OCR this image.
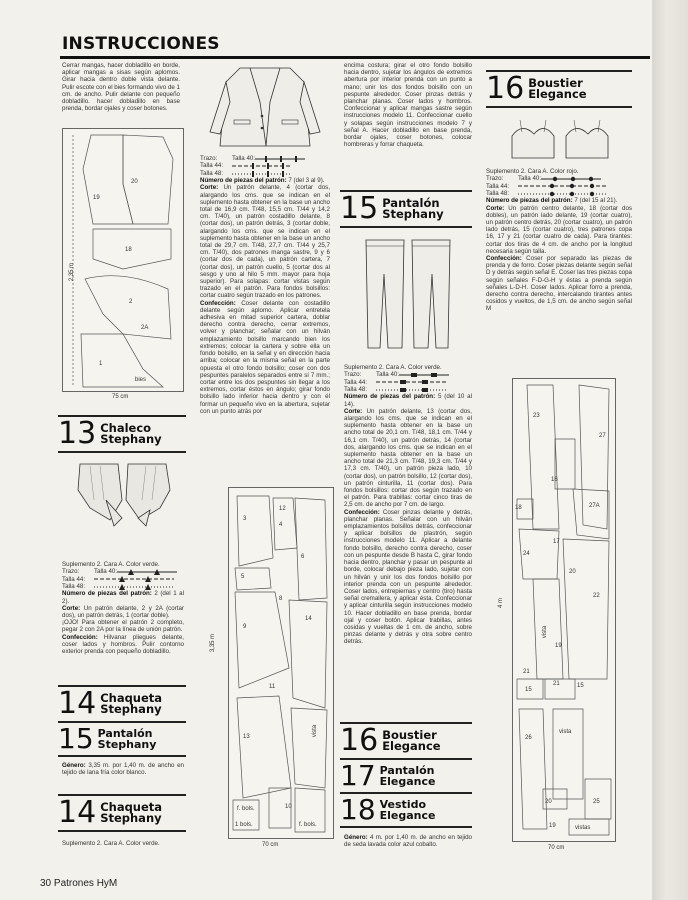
INSTRUCCIONES
Cerrar mangas, hacer dobladillo en borde, aplicar mangas a sisas según aplomos. Girar hacia dentro doble vista delante. Pulir escote con el bies formando vivo de 1 cm. de ancho. Pulir delante con pequeño dobladillo. hacer dobladillo en base prenda, bordar ojales y coser botones.
19
20
18
2
2A
1
bies
2,35 m
75 cm
13 Chaleco
Stephany
Suplemento 2. Cara A. Color verde.
Trazo:	Talla 40:
Talla 44:
Talla 48:
Número de piezas del patrón: 2 (del 1 al 2).
Corte: Un patrón delante, 2 y 2A (cortar dos), un patrón detrás, 1 (cortar doble).
¡OJO! Para obtener el patrón 2 completo, pegar 2 con 2A por la línea de unión patrón.
Confección: Hilvanar pliegues delante, coser lados y hombros. Pulir contorno exterior prenda con pequeño dobladillo.
14 Chaqueta
Stephany
15 Pantalón
Stephany
Género: 3,35 m. por 1,40 m. de ancho en tejido de lana fría color blanco.
14 Chaqueta
Stephany
Suplemento 2. Cara A. Color verde.
Trazo:	Talla 40:
Talla 44:
Talla 48:
Número de piezas del patrón: 7 (del 3 al 9).
Corte: Un patrón delante, 4 (cortar dos, alargando los cms. que se indican en el suplemento hasta obtener en la base un ancho total de 16,9 cm. T/48, 15,5 cm. T/44 y 14,2 cm. T/40), un patrón costadillo delante, 8 (cortar dos), un patrón detrás, 3 (cortar doble, alargando los cms. que se indican en el suplemento hasta obtener en la base un ancho total de 29,7 cm. T/48, 27,7 cm. T/44 y 25,7 cm. T/40), dos patrones manga sastre, 9 y 6 (cortar dos de cada), un patrón cartera, 7 (cortar dos), un patrón cuello, 5 (cortar dos al sesgo y uno al hilo 5 mm. mayor para hoja superior). Para solapas: cortar vistas según trazado en el patrón. Para fondos bolsillos: cortar cuatro según trazado en los patrones.
Confección: Coser delante con costadillo delante según aplomo. Aplicar entretela adhesiva en mitad superior cartera, doblar derecho contra derecho, cerrar extremos, volver y planchar; señalar con un hilván emplazamiento bolsillo marcando bien los extremos; colocar la cartera y sobre ella un fondo bolsillo, en la señal y en dirección hacia arriba; colocar en la misma señal en la parte opuesta el otro fondo bolsillo; coser con dos pespuntes paralelos separados entre sí 7 mm.; cortar entre los dos pespuntes sin llegar a los extremos, cortar éstos en ángulo; girar fondo bolsillo lado inferior hacia dentro y con él formar un pequeño vivo en la abertura, sujetar con un punto atrás por
3
12
4
6
5
8
9
14
11
13
10
vista
f. bols.
1 bols.	f. bols.
3,35 m
70 cm
encima costura; girar el otro fondo bolsillo hacia dentro, sujetar los ángulos de extremos abertura por interior prenda con un punto a mano; unir los dos fondos bolsillo con un pespunte alrededor. Coser pinzas detrás y planchar planas. Coser lados y hombros. Confeccionar y aplicar mangas sastre según instrucciones modelo 11. Confeccionar cuello y solapas según instrucciones modelo 7 y señal A. Hacer dobladillo en base prenda, bordar ojales, coser botones, colocar hombreras y forrar chaqueta.
15 Pantalón
Stephany
Suplemento 2. Cara A. Color verde.
Trazo:	Talla 40:
Talla 44:
Talla 48:
Número de piezas del patrón: 5 (del 10 al 14).
Corte: Un patrón delante, 13 (cortar dos, alargando los cms. que se indican en el suplemento hasta obtener en la base un ancho total de 20,1 cm. T/48, 18,1 cm. T/44 y 16,1 cm. T/40), un patrón detrás, 14 (cortar dos, alargando los cms. que se indican en el suplemento hasta obtener en la base un ancho total de 21,3 cm. T/48, 19,3 cm. T/44 y 17,3 cm. T/40), un patrón pieza lado, 10 (cortar dos), un patrón bolsillo, 12 (cortar dos), un patrón cinturilla, 11 (cortar dos). Para fondos bolsillos: cortar dos según trazado en el patrón. Para trabillas: cortar cinco tiras de 2,5 cm. de ancho por 7 cm. de largo.
Confección: Coser pinzas delante y detrás, planchar planas. Señalar con un hilván emplazamientos bolsillos detrás, confeccionar y aplicar bolsillos de plastrón, según instrucciones modelo 11. Aplicar a delante fondo bolsillo, derecho contra derecho, coser con un pespunte desde B hasta C, girar fondo hacia dentro, planchar y pasar un pespunte al borde, colocar debajo pieza lado, sujetar con un hilván y unir los dos fondos bolsillo por interior prenda con un pespunte alrededor. Coser lados, entrepiernas y centro (tiro) hasta señal cremallera, y aplicar ésta. Confeccionar y aplicar cinturilla según instrucciones modelo 10. Hacer dobladillo en base prenda, bordar ojal y coser botón. Aplicar trabillas, antes cosidas y vueltas de 1 cm. de ancho, sobre pinzas delante y detrás y otra sobre centro detrás.
16 Boustier
Elegance
17 Pantalón
Elegance
18 Vestido
Elegance
Género: 4 m. por 1,40 m. de ancho en tejido de seda lavada color azul cobalto.
16 Boustier
Elegance
Suplemento 2. Cara A. Color rojo.
Trazo:	Talla 40:
Talla 44:
Talla 48:
Número de piezas del patrón: 7 (del 15 al 21).
Corte: Un patrón centro delante, 18 (cortar dos dobles), un patrón lado delante, 19 (cortar cuatro), un patrón centro detrás, 20 (cortar cuatro), un patrón lado detrás, 15 (cortar cuatro), tres patrones copa 16, 17 y 21 (cortar cuatro de cada). Para tirantes: cortar dos tiras de 4 cm. de ancho por la longitud necesaria según talla.
Confección: Coser por separado las piezas de prenda y de forro. Coser piezas delante según señal D y detrás según señal E. Coser las tres piezas copa según señales F-D-G-H y éstas a prenda según señales L-D-H. Coser lados. Aplicar forro a prenda, derecho contra derecho, intercalando tirantes antes cosidos y vueltos, de 1,5 cm. de ancho según señal M
23
27
16
18	27A
24
17
20
22
vista
19
21
15
21	15
26
vista
20	25
19	vistas
4 m
70 cm
30 Patrones HyM
